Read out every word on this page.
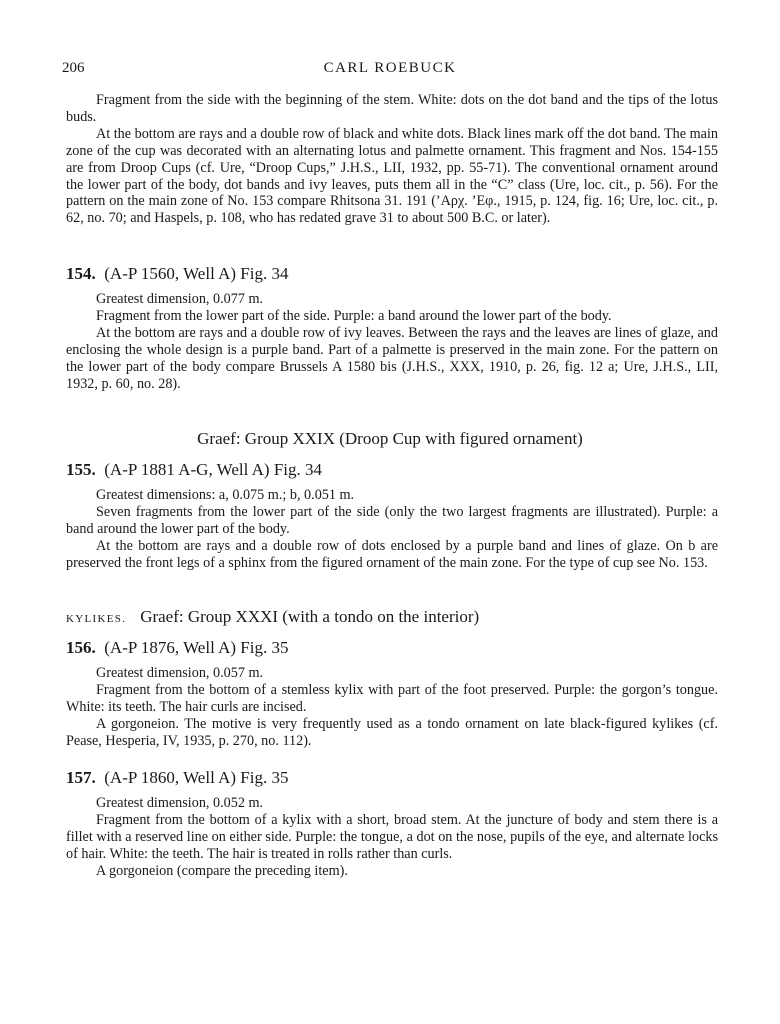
206	CARL ROEBUCK

Fragment from the side with the beginning of the stem. White: dots on the dot band and the tips of the lotus buds.

At the bottom are rays and a double row of black and white dots. Black lines mark off the dot band. The main zone of the cup was decorated with an alternating lotus and palmette ornament. This fragment and Nos. 154-155 are from Droop Cups (cf. Ure, “Droop Cups,” J.H.S., LII, 1932, pp. 55-71). The conventional ornament around the lower part of the body, dot bands and ivy leaves, puts them all in the “C” class (Ure, loc. cit., p. 56). For the pattern on the main zone of No. 153 compare Rhitsona 31. 191 (’Αρχ. ’Εφ., 1915, p. 124, fig. 16; Ure, loc. cit., p. 62, no. 70; and Haspels, p. 108, who has redated grave 31 to about 500 B.C. or later).

154. (A-P 1560, Well A) Fig. 34
Greatest dimension, 0.077 m.

Fragment from the lower part of the side. Purple: a band around the lower part of the body.

At the bottom are rays and a double row of ivy leaves. Between the rays and the leaves are lines of glaze, and enclosing the whole design is a purple band. Part of a palmette is preserved in the main zone. For the pattern on the lower part of the body compare Brussels A 1580 bis (J.H.S., XXX, 1910, p. 26, fig. 12 a; Ure, J.H.S., LII, 1932, p. 60, no. 28).

Graef: Group XXIX (Droop Cup with figured ornament)
155. (A-P 1881 A-G, Well A) Fig. 34
Greatest dimensions: a, 0.075 m.; b, 0.051 m.

Seven fragments from the lower part of the side (only the two largest fragments are illustrated). Purple: a band around the lower part of the body.

At the bottom are rays and a double row of dots enclosed by a purple band and lines of glaze. On b are preserved the front legs of a sphinx from the figured ornament of the main zone. For the type of cup see No. 153.

KYLIKES. Graef: Group XXXI (with a tondo on the interior)
156. (A-P 1876, Well A) Fig. 35
Greatest dimension, 0.057 m.

Fragment from the bottom of a stemless kylix with part of the foot preserved. Purple: the gorgon’s tongue. White: its teeth. The hair curls are incised.

A gorgoneion. The motive is very frequently used as a tondo ornament on late black-figured kylikes (cf. Pease, Hesperia, IV, 1935, p. 270, no. 112).

157. (A-P 1860, Well A) Fig. 35
Greatest dimension, 0.052 m.

Fragment from the bottom of a kylix with a short, broad stem. At the juncture of body and stem there is a fillet with a reserved line on either side. Purple: the tongue, a dot on the nose, pupils of the eye, and alternate locks of hair. White: the teeth. The hair is treated in rolls rather than curls.

A gorgoneion (compare the preceding item).
